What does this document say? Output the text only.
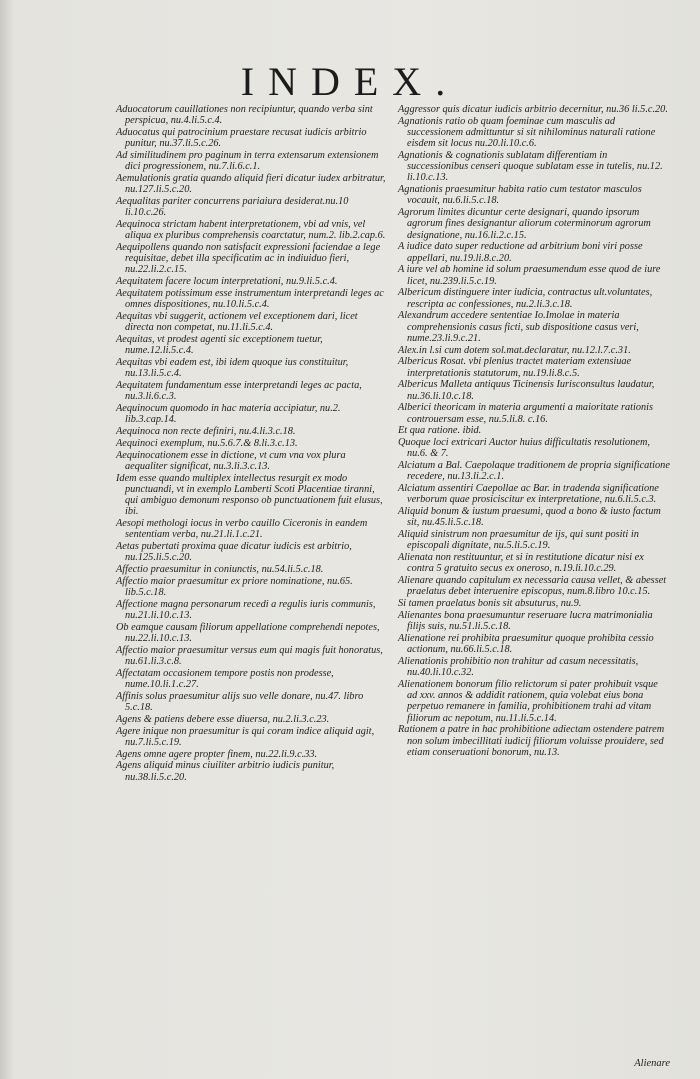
INDEX.
Aduocatorum cauillationes non recipiuntur, quando verba sint perspicua, nu.4.li.5.c.4.
Aduocatus qui patrocinium praestare recusat iudicis arbitrio punitur, nu.37.li.5.c.26.
Ad similitudinem pro paginum in terra extensarum extensionem dici progressionem, nu.7.li.6.c.1.
Aemulationis gratia quando aliquid fieri dicatur iudex arbitratur, nu.127.li.5.c.20.
Aequalitas pariter concurrens pariaiura desiderat.nu.10 li.10.c.26.
Aequinoca strictam habent interpretationem, vbi ad vnis, vel aliqua ex pluribus comprehensis coarctatur, num.2. lib.2.cap.6.
Aequipollens quando non satisfacit expressioni faciendae a lege requisitae, debet illa specificatim ac in indiuiduo fieri, nu.22.li.2.c.15.
Aequitatem facere locum interpretationi, nu.9.li.5.c.4.
Aequitatem potissimum esse instrumentum interpretandi leges ac omnes dispositiones, nu.10.li.5.c.4.
Aequitas vbi suggerit, actionem vel exceptionem dari, licet directa non competat, nu.11.li.5.c.4.
Aequitas, vt prodest agenti sic exceptionem tuetur, nume.12.li.5.c.4.
Aequitas vbi eadem est, ibi idem quoque ius constituitur, nu.13.li.5.c.4.
Aequitatem fundamentum esse interpretandi leges ac pacta, nu.3.li.6.c.3.
Aequinocum quomodo in hac materia accipiatur, nu.2. lib.3.cap.14.
Aequinoca non recte definiri, nu.4.li.3.c.18.
Aequinoci exemplum, nu.5.6.7.& 8.li.3.c.13.
Aequinocationem esse in dictione, vt cum vna vox plura aequaliter significat, nu.3.li.3.c.13.
Idem esse quando multiplex intellectus resurgit ex modo punctuandi, vt in exemplo Lamberti Scoti Placentiae tiranni, qui ambiguo demonum responso ob punctuationem fuit elusus, ibi.
Aesopi methologi iocus in verbo cauillo Ciceronis in eandem sententiam verba, nu.21.li.1.c.21.
Aetas pubertati proxima quae dicatur iudicis est arbitrio, nu.125.li.5.c.20.
Affectio praesumitur in coniunctis, nu.54.li.5.c.18.
Affectio maior praesumitur ex priore nominatione, nu.65. lib.5.c.18.
Affectione magna personarum recedi a regulis iuris communis, nu.21.li.10.c.13.
Ob eamque causam filiorum appellatione comprehendi nepotes, nu.22.li.10.c.13.
Affectio maior praesumitur versus eum qui magis fuit honoratus, nu.61.li.3.c.8.
Affectatam occasionem tempore postis non prodesse, nume.10.li.1.c.27.
Affinis solus praesumitur alijs suo velle donare, nu.47. libro 5.c.18.
Agens & patiens debere esse diuersa, nu.2.li.3.c.23.
Agere inique non praesumitur is qui coram indice aliquid agit, nu.7.li.5.c.19.
Agens omne agere propter finem, nu.22.li.9.c.33.
Agens aliquid minus ciuiliter arbitrio iudicis punitur, nu.38.li.5.c.20.
Aggressor quis dicatur iudicis arbitrio decernitur, nu.36 li.5.c.20.
Agnationis ratio ob quam foeminae cum masculis ad successionem admittuntur si sit nihilominus naturali ratione eisdem sit locus nu.20.li.10.c.6.
Agnationis & cognationis sublatam differentiam in successionibus censeri quoque sublatam esse in tutelis, nu.12. li.10.c.13.
Agnationis praesumitur habita ratio cum testator masculos vocauit, nu.6.li.5.c.18.
Agrorum limites dicuntur certe designari, quando ipsorum agrorum fines designantur aliorum coterminorum agrorum designatione, nu.16.li.2.c.15.
A iudice dato super reductione ad arbitrium boni viri posse appellari, nu.19.li.8.c.20.
A iure vel ab homine id solum praesumendum esse quod de iure licet, nu.239.li.5.c.19.
Albericum distinguere inter iudicia, contractus ult.voluntates, rescripta ac confessiones, nu.2.li.3.c.18.
Alexandrum accedere sententiae Io.Imolae in materia comprehensionis casus ficti, sub dispositione casus veri, nume.23.li.9.c.21.
Alex.in l.si cum dotem sol.mat.declaratur, nu.12.l.7.c.31.
Albericus Rosat. vbi plenius tractet materiam extensiuae interpretationis statutorum, nu.19.li.8.c.5.
Albericus Malleta antiquus Ticinensis Iurisconsultus laudatur, nu.36.li.10.c.18.
Alberici theoricam in materia argumenti a maioritate rationis controuersam esse, nu.5.li.8. c.16.
Et qua ratione. ibid.
Quoque loci extricari Auctor huius difficultatis resolutionem, nu.6. & 7.
Alciatum a Bal. Caepolaque traditionem de propria significatione recedere, nu.13.li.2.c.1.
Alciatum assentiri Caepollae ac Bar. in tradenda significatione verborum quae prosiciscitur ex interpretatione, nu.6.li.5.c.3.
Aliquid bonum & iustum praesumi, quod a bono & iusto factum sit, nu.45.li.5.c.18.
Aliquid sinistrum non praesumitur de ijs, qui sunt positi in episcopali dignitate, nu.5.li.5.c.19.
Alienata non restituuntur, et si in restitutione dicatur nisi ex contra 5 gratuito secus ex oneroso, n.19.li.10.c.29.
Alienare quando capitulum ex necessaria causa vellet, & abesset praelatus debet interuenire episcopus, num.8.libro 10.c.15.
Si tamen praelatus bonis sit absuturus, nu.9.
Alienantes bona praesumuntur reseruare lucra matrimonialia filijs suis, nu.51.li.5.c.18.
Alienatione rei prohibita praesumitur quoque prohibita cessio actionum, nu.66.li.5.c.18.
Alienationis prohibitio non trahitur ad casum necessitatis, nu.40.li.10.c.32.
Alienationem bonorum filio relictorum si pater prohibuit vsque ad xxv. annos & addidit rationem, quia volebat eius bona perpetuo remanere in familia, prohibitionem trahi ad vitam filiorum ac nepotum, nu.11.li.5.c.14.
Rationem a patre in hac prohibitione adiectam ostendere patrem non solum imbecillitati iudicij filiorum voluisse prouidere, sed etiam conseruationi bonorum, nu.13.
Alienare
